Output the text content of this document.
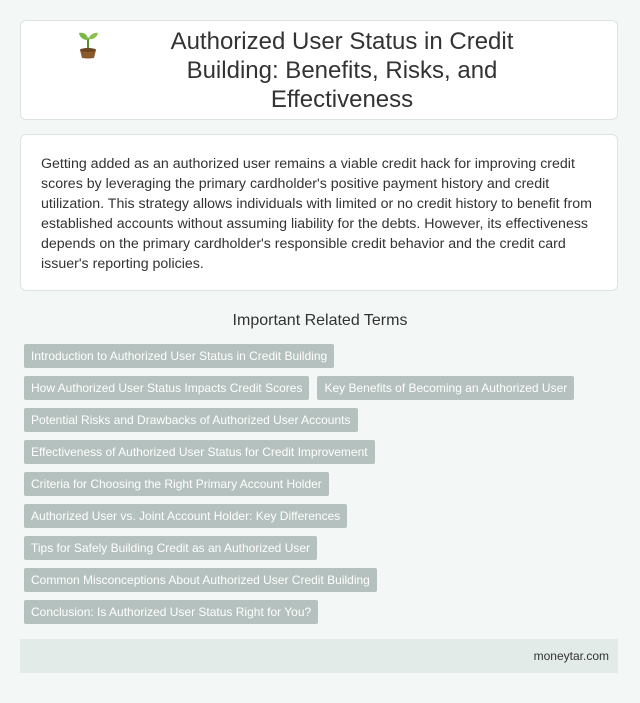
Authorized User Status in Credit Building: Benefits, Risks, and Effectiveness

Getting added as an authorized user remains a viable credit hack for improving credit scores by leveraging the primary cardholder's positive payment history and credit utilization. This strategy allows individuals with limited or no credit history to benefit from established accounts without assuming liability for the debts. However, its effectiveness depends on the primary cardholder's responsible credit behavior and the credit card issuer's reporting policies.

Important Related Terms
Introduction to Authorized User Status in Credit Building
How Authorized User Status Impacts Credit Scores	Key Benefits of Becoming an Authorized User
Potential Risks and Drawbacks of Authorized User Accounts
Effectiveness of Authorized User Status for Credit Improvement
Criteria for Choosing the Right Primary Account Holder
Authorized User vs. Joint Account Holder: Key Differences
Tips for Safely Building Credit as an Authorized User
Common Misconceptions About Authorized User Credit Building
Conclusion: Is Authorized User Status Right for You?
moneytar.com
